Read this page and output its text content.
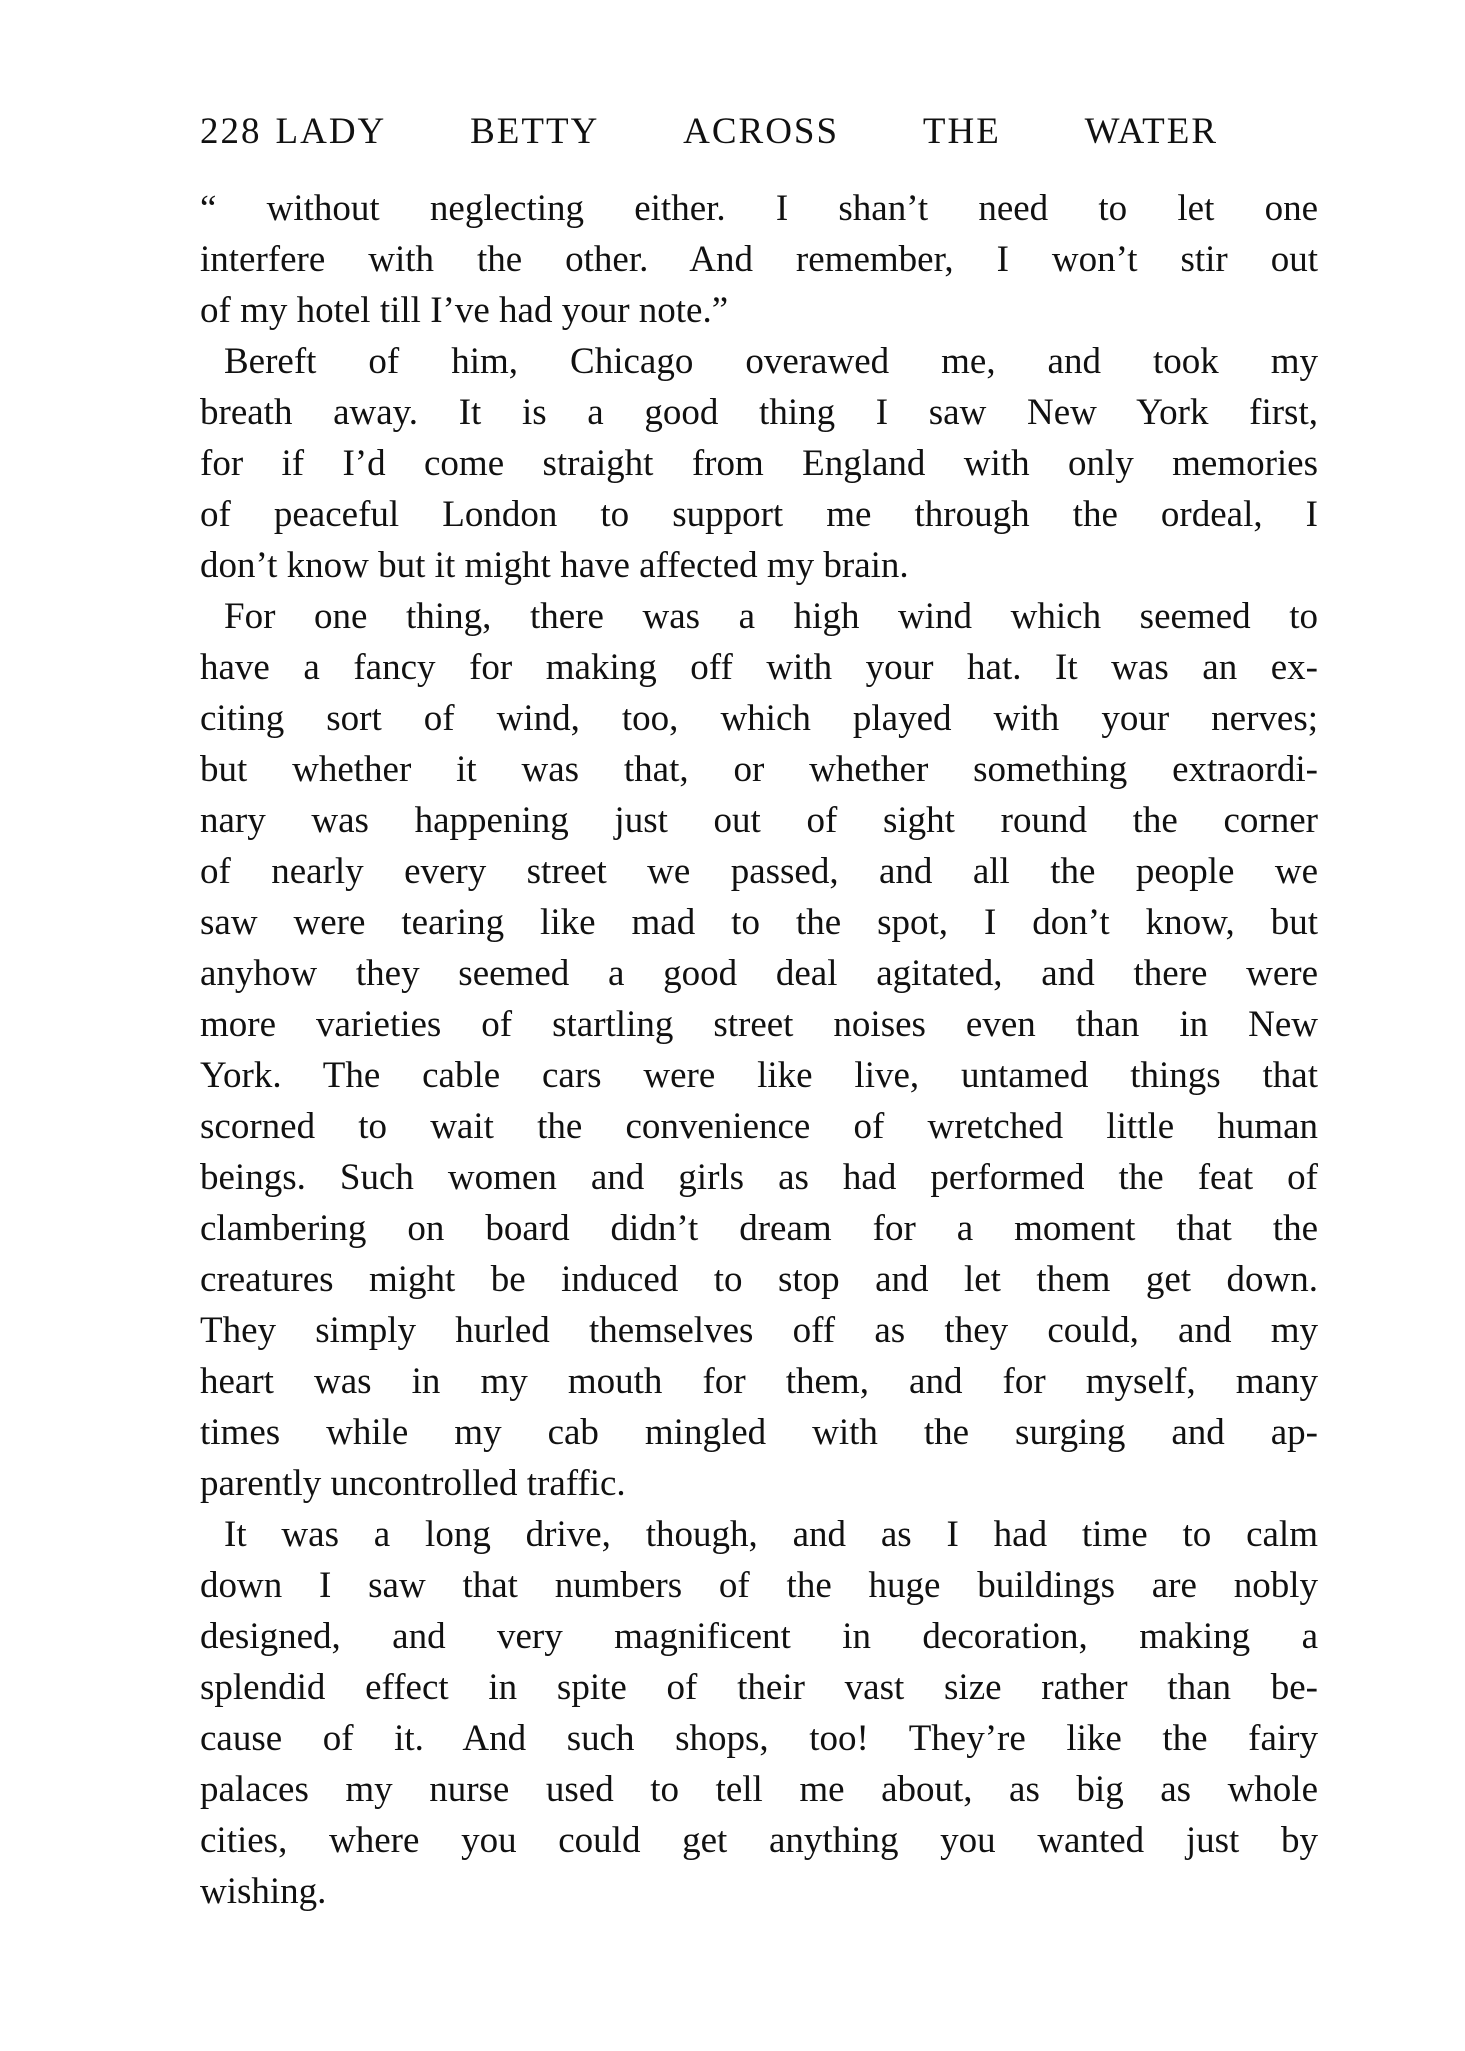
228 LADY BETTY ACROSS THE WATER
“ without neglecting either. I shan’t need to let one
interfere with the other. And remember, I won’t stir out
of my hotel till I’ve had your note.”
Bereft of him, Chicago overawed me, and took my
breath away. It is a good thing I saw New York first,
for if I’d come straight from England with only memories
of peaceful London to support me through the ordeal, I
don’t know but it might have affected my brain.
For one thing, there was a high wind which seemed to
have a fancy for making off with your hat. It was an ex-
citing sort of wind, too, which played with your nerves;
but whether it was that, or whether something extraordi-
nary was happening just out of sight round the corner
of nearly every street we passed, and all the people we
saw were tearing like mad to the spot, I don’t know, but
anyhow they seemed a good deal agitated, and there were
more varieties of startling street noises even than in New
York. The cable cars were like live, untamed things that
scorned to wait the convenience of wretched little human
beings. Such women and girls as had performed the feat of
clambering on board didn’t dream for a moment that the
creatures might be induced to stop and let them get down.
They simply hurled themselves off as they could, and my
heart was in my mouth for them, and for myself, many
times while my cab mingled with the surging and ap-
parently uncontrolled traffic.
It was a long drive, though, and as I had time to calm
down I saw that numbers of the huge buildings are nobly
designed, and very magnificent in decoration, making a
splendid effect in spite of their vast size rather than be-
cause of it. And such shops, too! They’re like the fairy
palaces my nurse used to tell me about, as big as whole
cities, where you could get anything you wanted just by
wishing.
